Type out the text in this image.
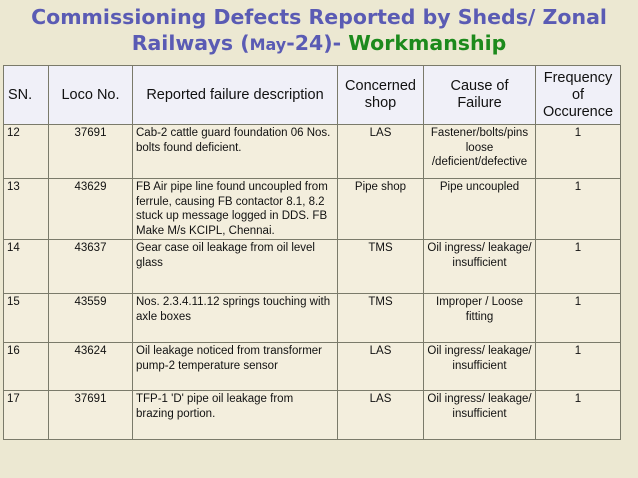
Commissioning Defects Reported by Sheds/ Zonal
Railways (May-24)- Workmanship
SN.	Loco No.	Reported failure description	Concerned shop	Cause of Failure	Frequency of Occurence
12	37691	Cab-2 cattle guard foundation 06 Nos. bolts found deficient.	LAS	Fastener/bolts/pins loose /deficient/defective	1
13	43629	FB Air pipe line found uncoupled from ferrule, causing FB contactor 8.1, 8.2 stuck up message logged in DDS. FB Make M/s KCIPL, Chennai.	Pipe shop	Pipe uncoupled	1
14	43637	Gear case oil leakage from oil level glass	TMS	Oil ingress/ leakage/ insufficient	1
15	43559	Nos. 2.3.4.11.12 springs touching with axle boxes	TMS	Improper / Loose fitting	1
16	43624	Oil leakage noticed from transformer pump-2 temperature sensor	LAS	Oil ingress/ leakage/ insufficient	1
17	37691	TFP-1 'D' pipe oil leakage from brazing portion.	LAS	Oil ingress/ leakage/ insufficient	1
